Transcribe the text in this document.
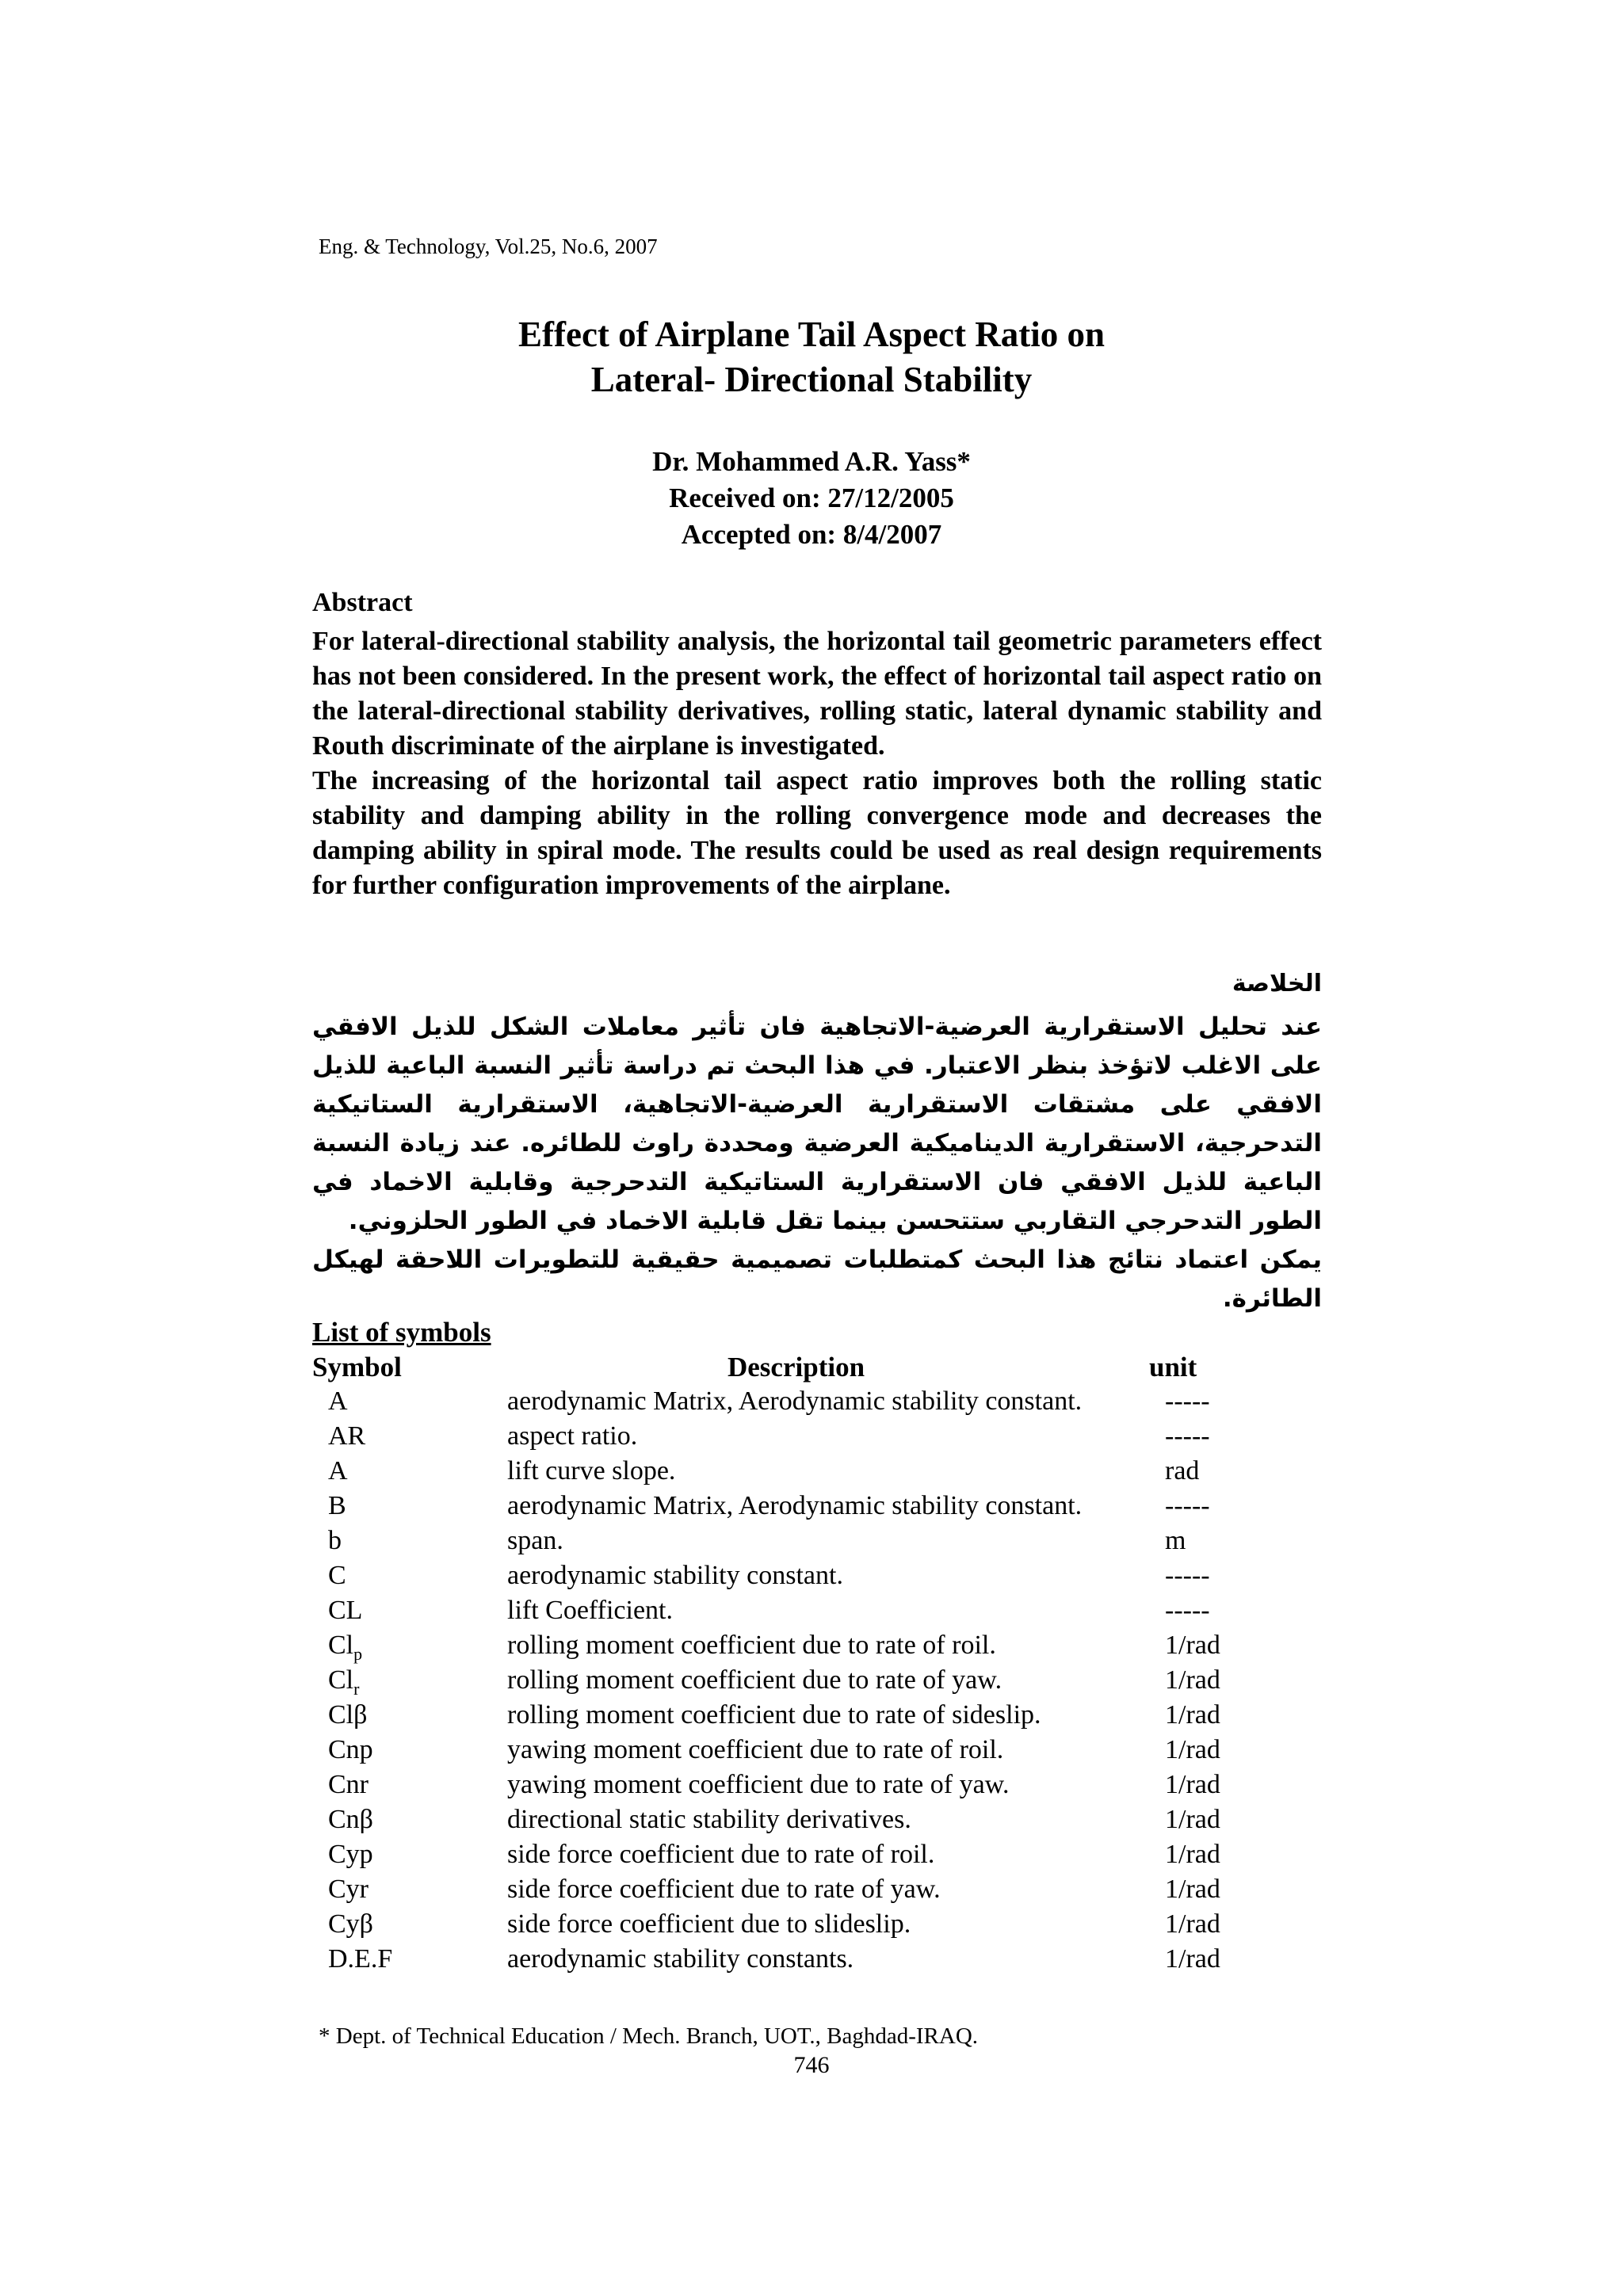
Eng. & Technology, Vol.25, No.6, 2007
Effect of Airplane Tail Aspect Ratio on
Lateral- Directional Stability
Dr. Mohammed A.R. Yass*
Received on: 27/12/2005
Accepted on: 8/4/2007
Abstract

For lateral-directional stability analysis, the horizontal tail geometric parameters effect has not been considered. In the present work, the effect of horizontal tail aspect ratio on the lateral-directional stability derivatives, rolling static, lateral dynamic stability and Routh discriminate of the airplane is investigated.

The increasing of the horizontal tail aspect ratio improves both the rolling static stability and damping ability in the rolling convergence mode and decreases the damping ability in spiral mode. The results could be used as real design requirements for further configuration improvements of the airplane.

الخلاصة

عند تحليل الاستقرارية العرضية-الاتجاهية فان تأثير معاملات الشكل للذيل الافقي على الاغلب لاتؤخذ بنظر الاعتبار. في هذا البحث تم دراسة تأثير النسبة الباعية للذيل الافقي على مشتقات الاستقرارية العرضية-الاتجاهية، الاستقرارية الستاتيكية التدحرجية، الاستقرارية الديناميكية العرضية ومحددة راوث للطائره. عند زيادة النسبة الباعية للذيل الافقي فان الاستقرارية الستاتيكية التدحرجية وقابلية الاخماد في الطور التدحرجي التقاربي ستتحسن بينما تقل قابلية الاخماد في الطور الحلزوني.

يمكن اعتماد نتائج هذا البحث كمتطلبات تصميمية حقيقية للتطويرات اللاحقة لهيكل الطائرة.

List of symbols
Symbol	Description	unit
A	aerodynamic Matrix, Aerodynamic stability constant.	-----
AR	aspect ratio.	-----
A	lift curve slope.	rad
B	aerodynamic Matrix, Aerodynamic stability constant.	-----
b	span.	m
C	aerodynamic stability constant.	-----
CL	lift Coefficient.	-----
$Cl_p$	rolling moment coefficient due to rate of roil.	1/rad
$Cl_r$	rolling moment coefficient due to rate of yaw.	1/rad
Clβ	rolling moment coefficient due to rate of sideslip.	1/rad
Cnp	yawing moment coefficient due to rate of roil.	1/rad
Cnr	yawing moment coefficient due to rate of yaw.	1/rad
Cnβ	directional static stability derivatives.	1/rad
Cyp	side force coefficient due to rate of roil.	1/rad
Cyr	side force coefficient due to rate of yaw.	1/rad
Cyβ	side force coefficient due to slideslip.	1/rad
D.E.F	aerodynamic stability constants.	1/rad
* Dept. of Technical Education / Mech. Branch, UOT., Baghdad-IRAQ.
746
